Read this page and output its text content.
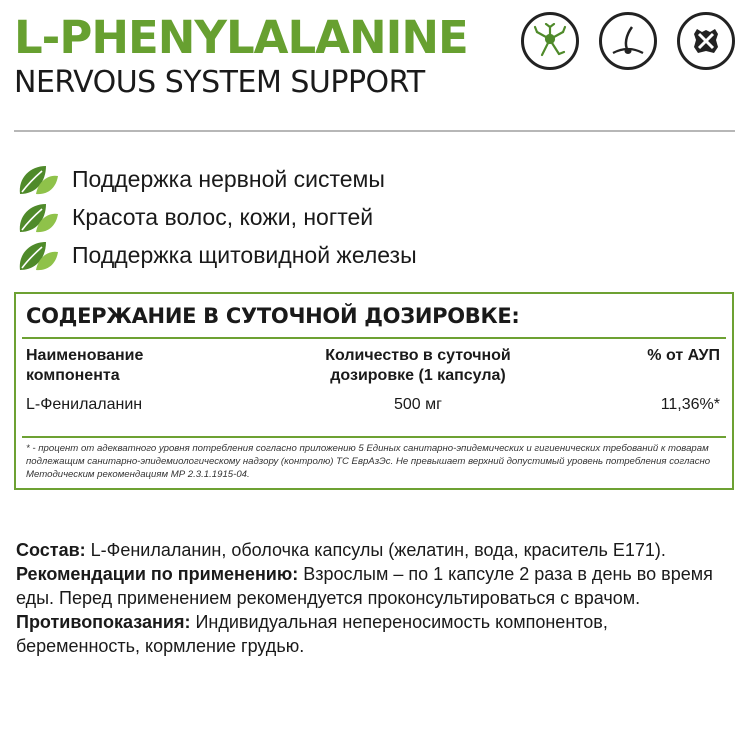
L-PHENYLALANINE
NERVOUS SYSTEM SUPPORT
Поддержка нервной системы
Красота волос, кожи, ногтей
Поддержка щитовидной железы
СОДЕРЖАНИЕ В СУТОЧНОЙ ДОЗИРОВКЕ:
Наименование компонента
Количество в суточной дозировке (1 капсула)
% от АУП
L-Фенилаланин	500 мг	11,36%*
* - процент от адекватного уровня потребления согласно приложению 5 Единых санитарно-эпидемических и гигиенических требований к товарам подлежащим санитарно-эпидемиологическому надзору (контролю) ТС ЕврАзЭс. Не превышает верхний допустимый уровень потребления согласно Методическим рекомендациям МР 2.3.1.1915-04.

Состав: L-Фенилаланин, оболочка капсулы (желатин, вода, краситель Е171).

Рекомендации по применению: Взрослым – по 1 капсуле 2 раза в день во время еды. Перед применением рекомендуется проконсультироваться с врачом.

Противопоказания: Индивидуальная непереносимость компонентов, беременность, кормление грудью.
